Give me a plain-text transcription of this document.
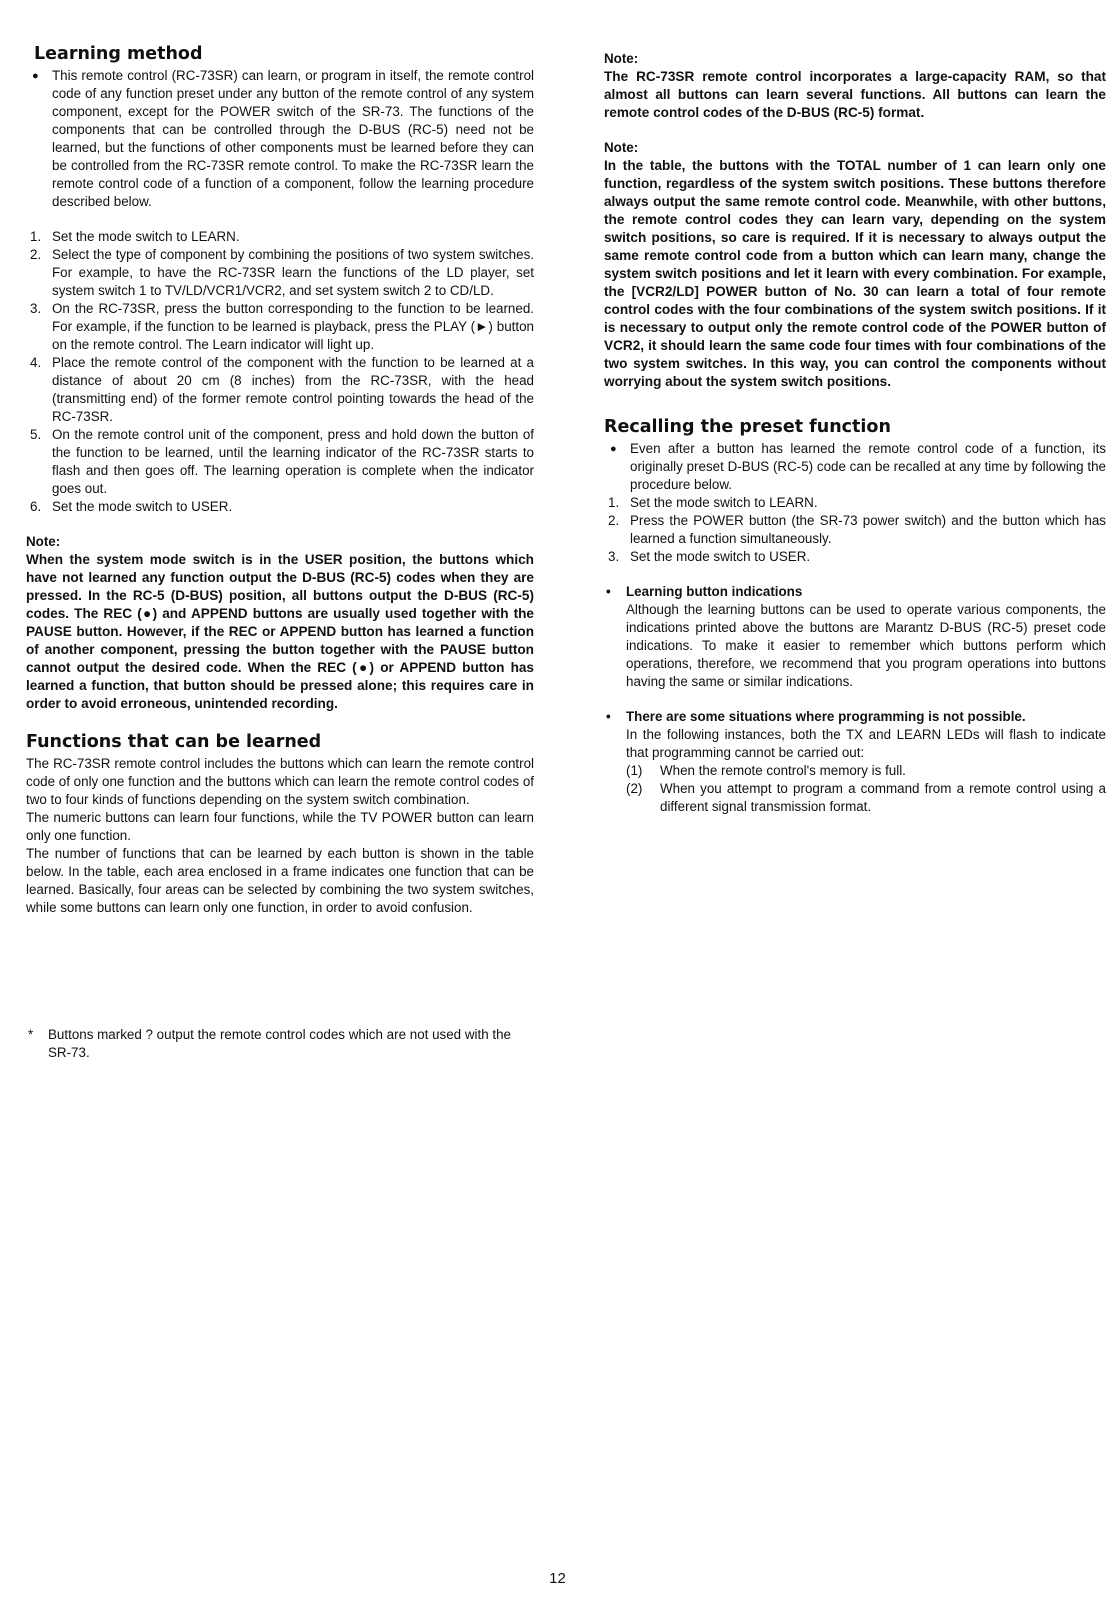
Learning method

● This remote control (RC-73SR) can learn, or program in itself, the remote control code of any function preset under any button of the remote control of any system component, except for the POWER switch of the SR-73. The functions of the components that can be controlled through the D-BUS (RC-5) need not be learned, but the functions of other components must be learned before they can be controlled from the RC-73SR remote control. To make the RC-73SR learn the remote control code of a function of a component, follow the learning procedure described below.

1. Set the mode switch to LEARN.
2. Select the type of component by combining the positions of two system switches. For example, to have the RC-73SR learn the functions of the LD player, set system switch 1 to TV/LD/VCR1/VCR2, and set system switch 2 to CD/LD.
3. On the RC-73SR, press the button corresponding to the function to be learned. For example, if the function to be learned is playback, press the PLAY (►) button on the remote control. The Learn indicator will light up.
4. Place the remote control of the component with the function to be learned at a distance of about 20 cm (8 inches) from the RC-73SR, with the head (transmitting end) of the former remote control pointing towards the head of the RC-73SR.
5. On the remote control unit of the component, press and hold down the button of the function to be learned, until the learning indicator of the RC-73SR starts to flash and then goes off. The learning operation is complete when the indicator goes out.
6. Set the mode switch to USER.

Note:

When the system mode switch is in the USER position, the buttons which have not learned any function output the D-BUS (RC-5) codes when they are pressed. In the RC-5 (D-BUS) position, all buttons output the D-BUS (RC-5) codes. The REC (●) and APPEND buttons are usually used together with the PAUSE button. However, if the REC or APPEND button has learned a function of another component, pressing the button together with the PAUSE button cannot output the desired code. When the REC (●) or APPEND button has learned a function, that button should be pressed alone; this requires care in order to avoid erroneous, unintended recording.

Functions that can be learned

The RC-73SR remote control includes the buttons which can learn the remote control code of only one function and the buttons which can learn the remote control codes of two to four kinds of functions depending on the system switch combination.

The numeric buttons can learn four functions, while the TV POWER button can learn only one function.

The number of functions that can be learned by each button is shown in the table below. In the table, each area enclosed in a frame indicates one function that can be learned. Basically, four areas can be selected by combining the two system switches, while some buttons can learn only one function, in order to avoid confusion.

*	Buttons marked ? output the remote control codes which are not used with the SR-73.

Note:

The RC-73SR remote control incorporates a large-capacity RAM, so that almost all buttons can learn several functions. All buttons can learn the remote control codes of the D-BUS (RC-5) format.

Note:

In the table, the buttons with the TOTAL number of 1 can learn only one function, regardless of the system switch positions. These buttons therefore always output the same remote control code. Meanwhile, with other buttons, the remote control codes they can learn vary, depending on the system switch positions, so care is required. If it is necessary to always output the same remote control code from a button which can learn many, change the system switch positions and let it learn with every combination. For example, the [VCR2/LD] POWER button of No. 30 can learn a total of four remote control codes with the four combinations of the system switch positions. If it is necessary to output only the remote control code of the POWER button of VCR2, it should learn the same code four times with four combinations of the two system switches. In this way, you can control the components without worrying about the system switch positions.

Recalling the preset function

● Even after a button has learned the remote control code of a function, its originally preset D-BUS (RC-5) code can be recalled at any time by following the procedure below.

1. Set the mode switch to LEARN.
2. Press the POWER button (the SR-73 power switch) and the button which has learned a function simultaneously.
3. Set the mode switch to USER.

• Learning button indications

Although the learning buttons can be used to operate various components, the indications printed above the buttons are Marantz D-BUS (RC-5) preset code indications. To make it easier to remember which buttons perform which operations, therefore, we recommend that you program operations into buttons having the same or similar indications.

• There are some situations where programming is not possible.

In the following instances, both the TX and LEARN LEDs will flash to indicate that programming cannot be carried out:

(1) When the remote control's memory is full.
(2) When you attempt to program a command from a remote control using a different signal transmission format.
12
